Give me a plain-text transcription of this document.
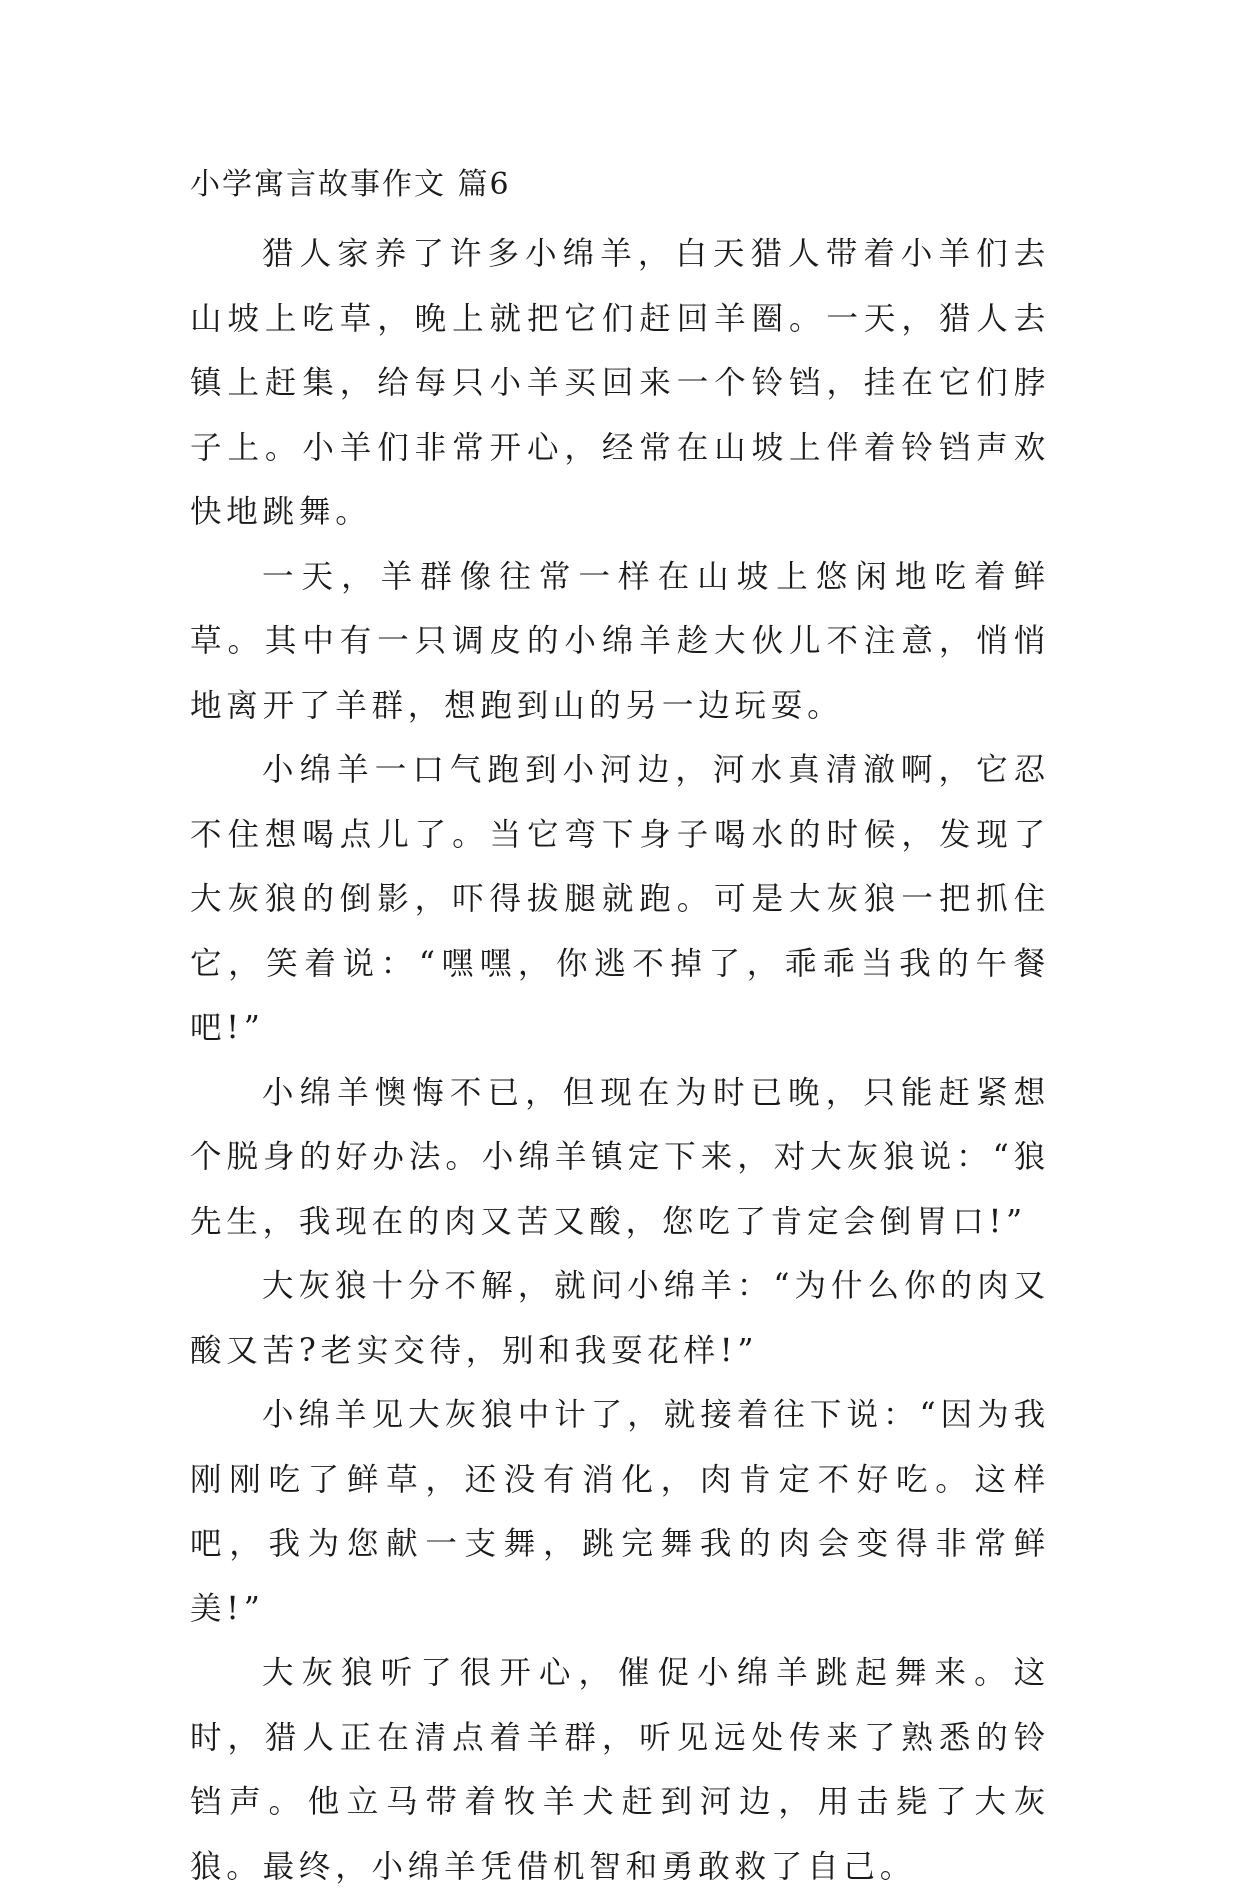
小学寓言故事作文 篇6

猎人家养了许多小绵羊，白天猎人带着小羊们去山坡上吃草，晚上就把它们赶回羊圈。一天，猎人去镇上赶集，给每只小羊买回来一个铃铛，挂在它们脖子上。小羊们非常开心，经常在山坡上伴着铃铛声欢快地跳舞。

一天，羊群像往常一样在山坡上悠闲地吃着鲜草。其中有一只调皮的小绵羊趁大伙儿不注意，悄悄地离开了羊群，想跑到山的另一边玩耍。

小绵羊一口气跑到小河边，河水真清澈啊，它忍不住想喝点儿了。当它弯下身子喝水的时候，发现了大灰狼的倒影，吓得拔腿就跑。可是大灰狼一把抓住它，笑着说：“嘿嘿，你逃不掉了，乖乖当我的午餐吧!”

小绵羊懊悔不已，但现在为时已晚，只能赶紧想个脱身的好办法。小绵羊镇定下来，对大灰狼说：“狼先生，我现在的肉又苦又酸，您吃了肯定会倒胃口!”

大灰狼十分不解，就问小绵羊：“为什么你的肉又酸又苦?老实交待，别和我耍花样!”

小绵羊见大灰狼中计了，就接着往下说：“因为我刚刚吃了鲜草，还没有消化，肉肯定不好吃。这样吧，我为您献一支舞，跳完舞我的肉会变得非常鲜美!”

大灰狼听了很开心，催促小绵羊跳起舞来。这时，猎人正在清点着羊群，听见远处传来了熟悉的铃铛声。他立马带着牧羊犬赶到河边，用击毙了大灰狼。最终，小绵羊凭借机智和勇敢救了自己。
